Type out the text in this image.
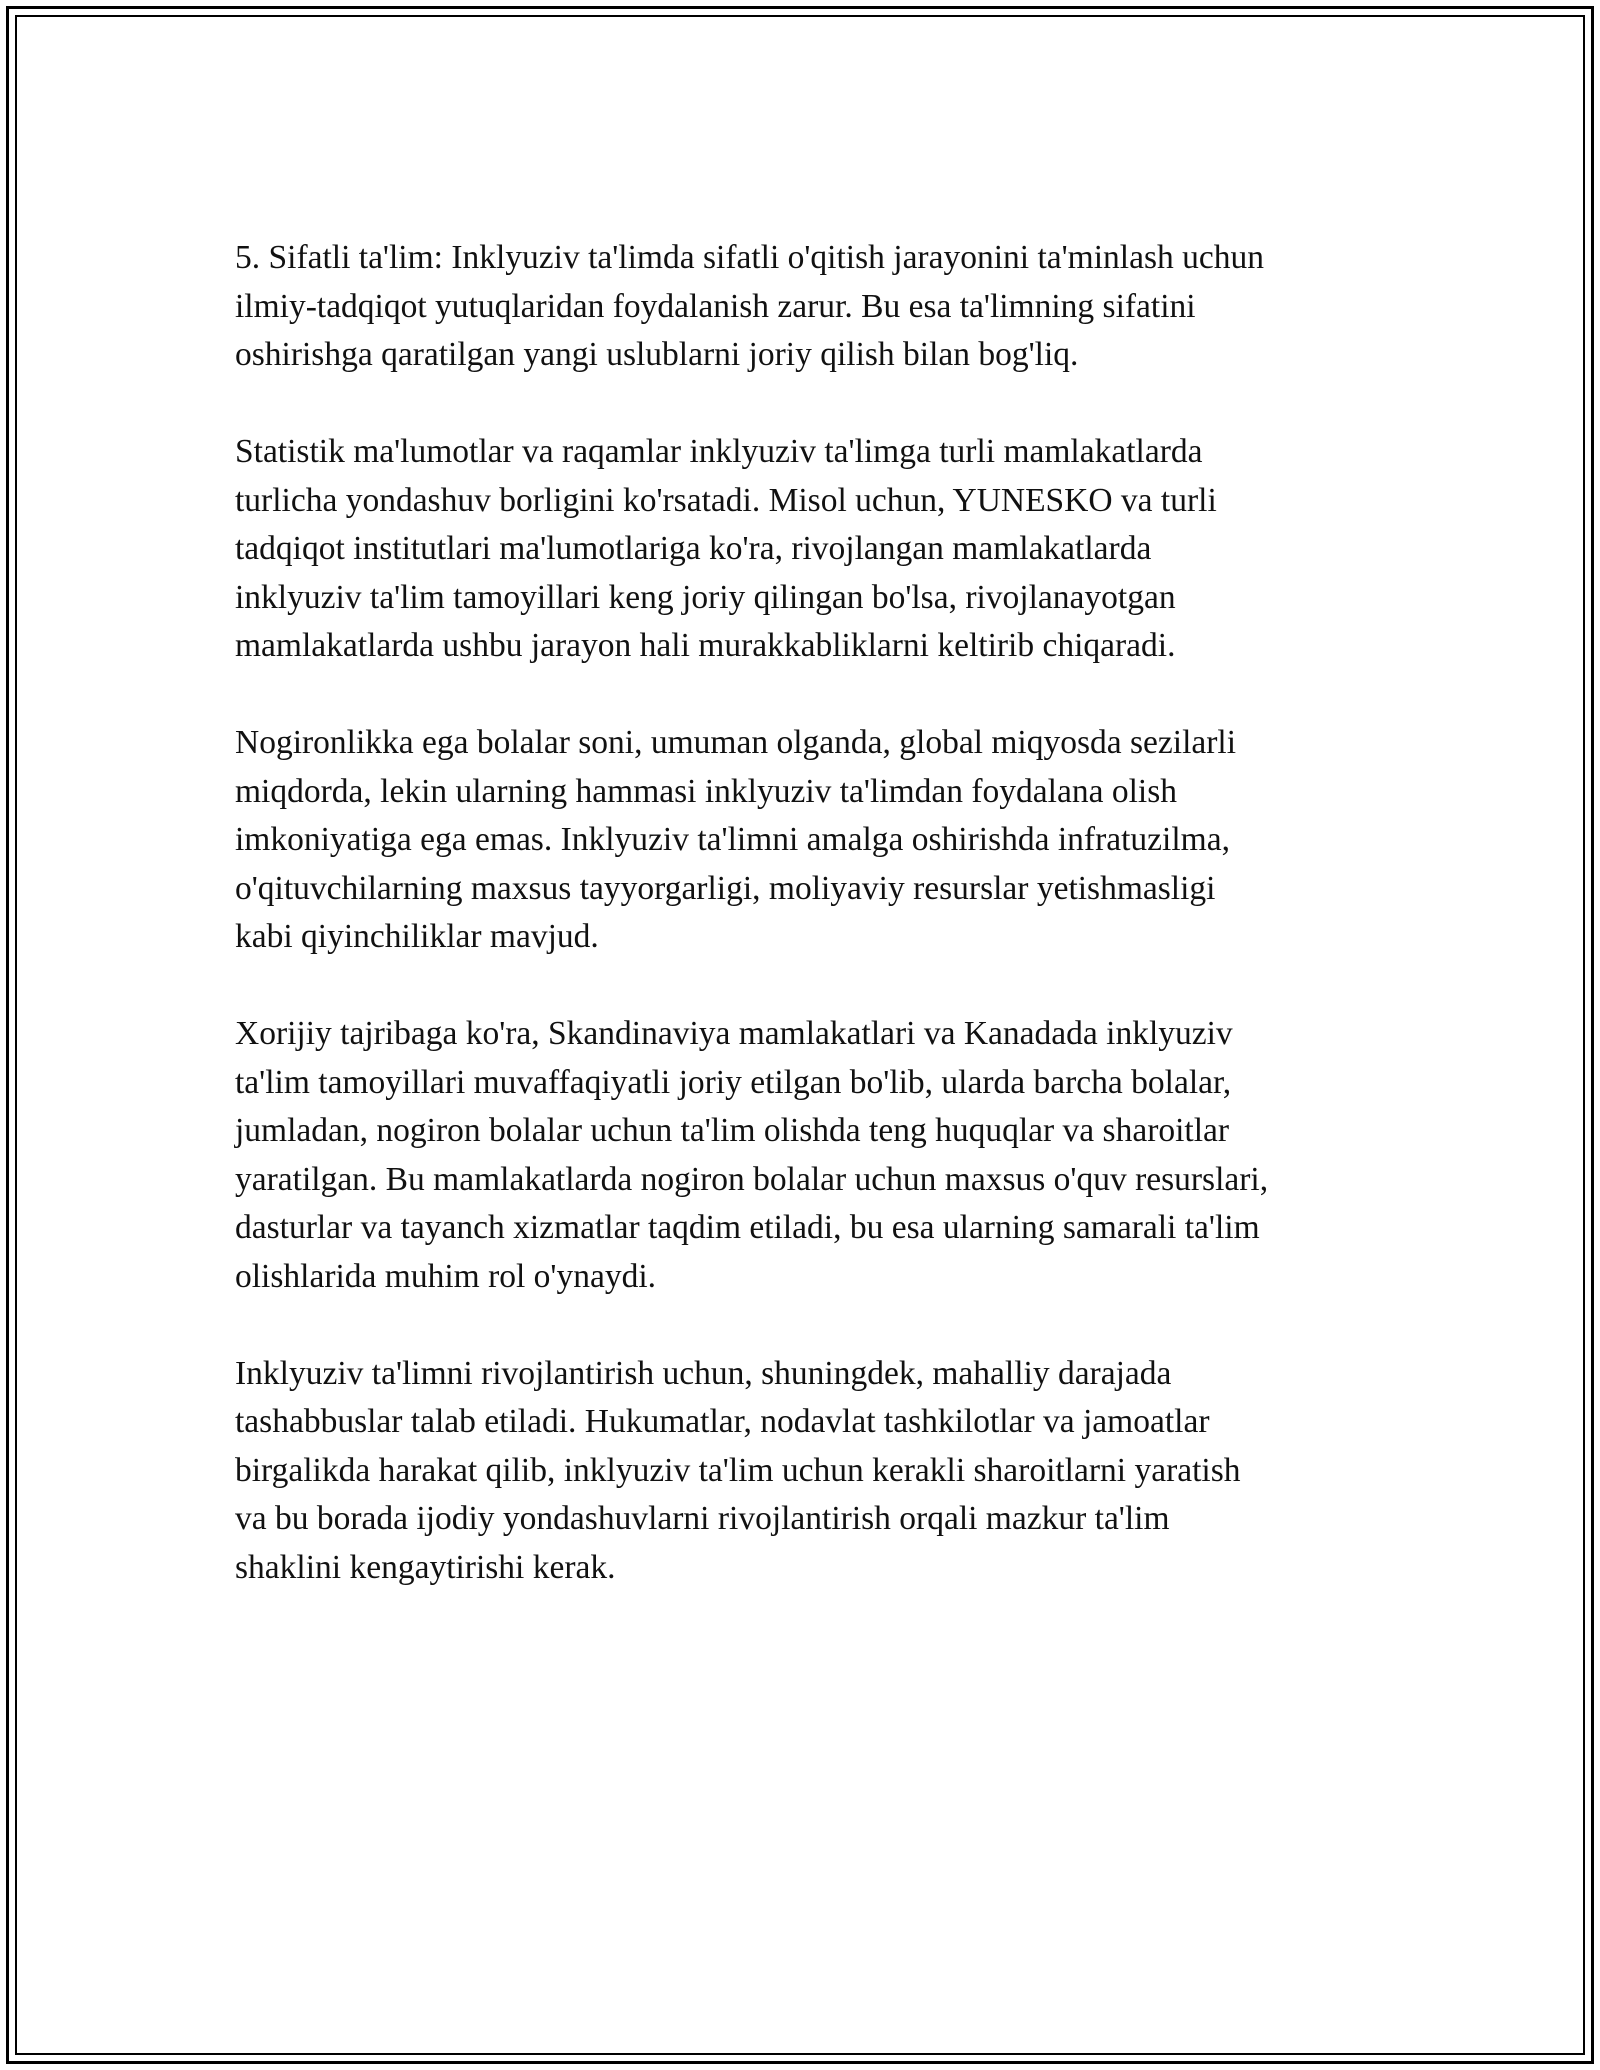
5. Sifatli ta'lim: Inklyuziv ta'limda sifatli o'qitish jarayonini ta'minlash uchun
ilmiy-tadqiqot yutuqlaridan foydalanish zarur. Bu esa ta'limning sifatini
oshirishga qaratilgan yangi uslublarni joriy qilish bilan bog'liq.

Statistik ma'lumotlar va raqamlar inklyuziv ta'limga turli mamlakatlarda
turlicha yondashuv borligini ko'rsatadi. Misol uchun, YUNESKO va turli
tadqiqot institutlari ma'lumotlariga ko'ra, rivojlangan mamlakatlarda
inklyuziv ta'lim tamoyillari keng joriy qilingan bo'lsa, rivojlanayotgan
mamlakatlarda ushbu jarayon hali murakkabliklarni keltirib chiqaradi.

Nogironlikka ega bolalar soni, umuman olganda, global miqyosda sezilarli
miqdorda, lekin ularning hammasi inklyuziv ta'limdan foydalana olish
imkoniyatiga ega emas. Inklyuziv ta'limni amalga oshirishda infratuzilma,
o'qituvchilarning maxsus tayyorgarligi, moliyaviy resurslar yetishmasligi
kabi qiyinchiliklar mavjud.

Xorijiy tajribaga ko'ra, Skandinaviya mamlakatlari va Kanadada inklyuziv
ta'lim tamoyillari muvaffaqiyatli joriy etilgan bo'lib, ularda barcha bolalar,
jumladan, nogiron bolalar uchun ta'lim olishda teng huquqlar va sharoitlar
yaratilgan. Bu mamlakatlarda nogiron bolalar uchun maxsus o'quv resurslari,
dasturlar va tayanch xizmatlar taqdim etiladi, bu esa ularning samarali ta'lim
olishlarida muhim rol o'ynaydi.

Inklyuziv ta'limni rivojlantirish uchun, shuningdek, mahalliy darajada
tashabbuslar talab etiladi. Hukumatlar, nodavlat tashkilotlar va jamoatlar
birgalikda harakat qilib, inklyuziv ta'lim uchun kerakli sharoitlarni yaratish
va bu borada ijodiy yondashuvlarni rivojlantirish orqali mazkur ta'lim
shaklini kengaytirishi kerak.
